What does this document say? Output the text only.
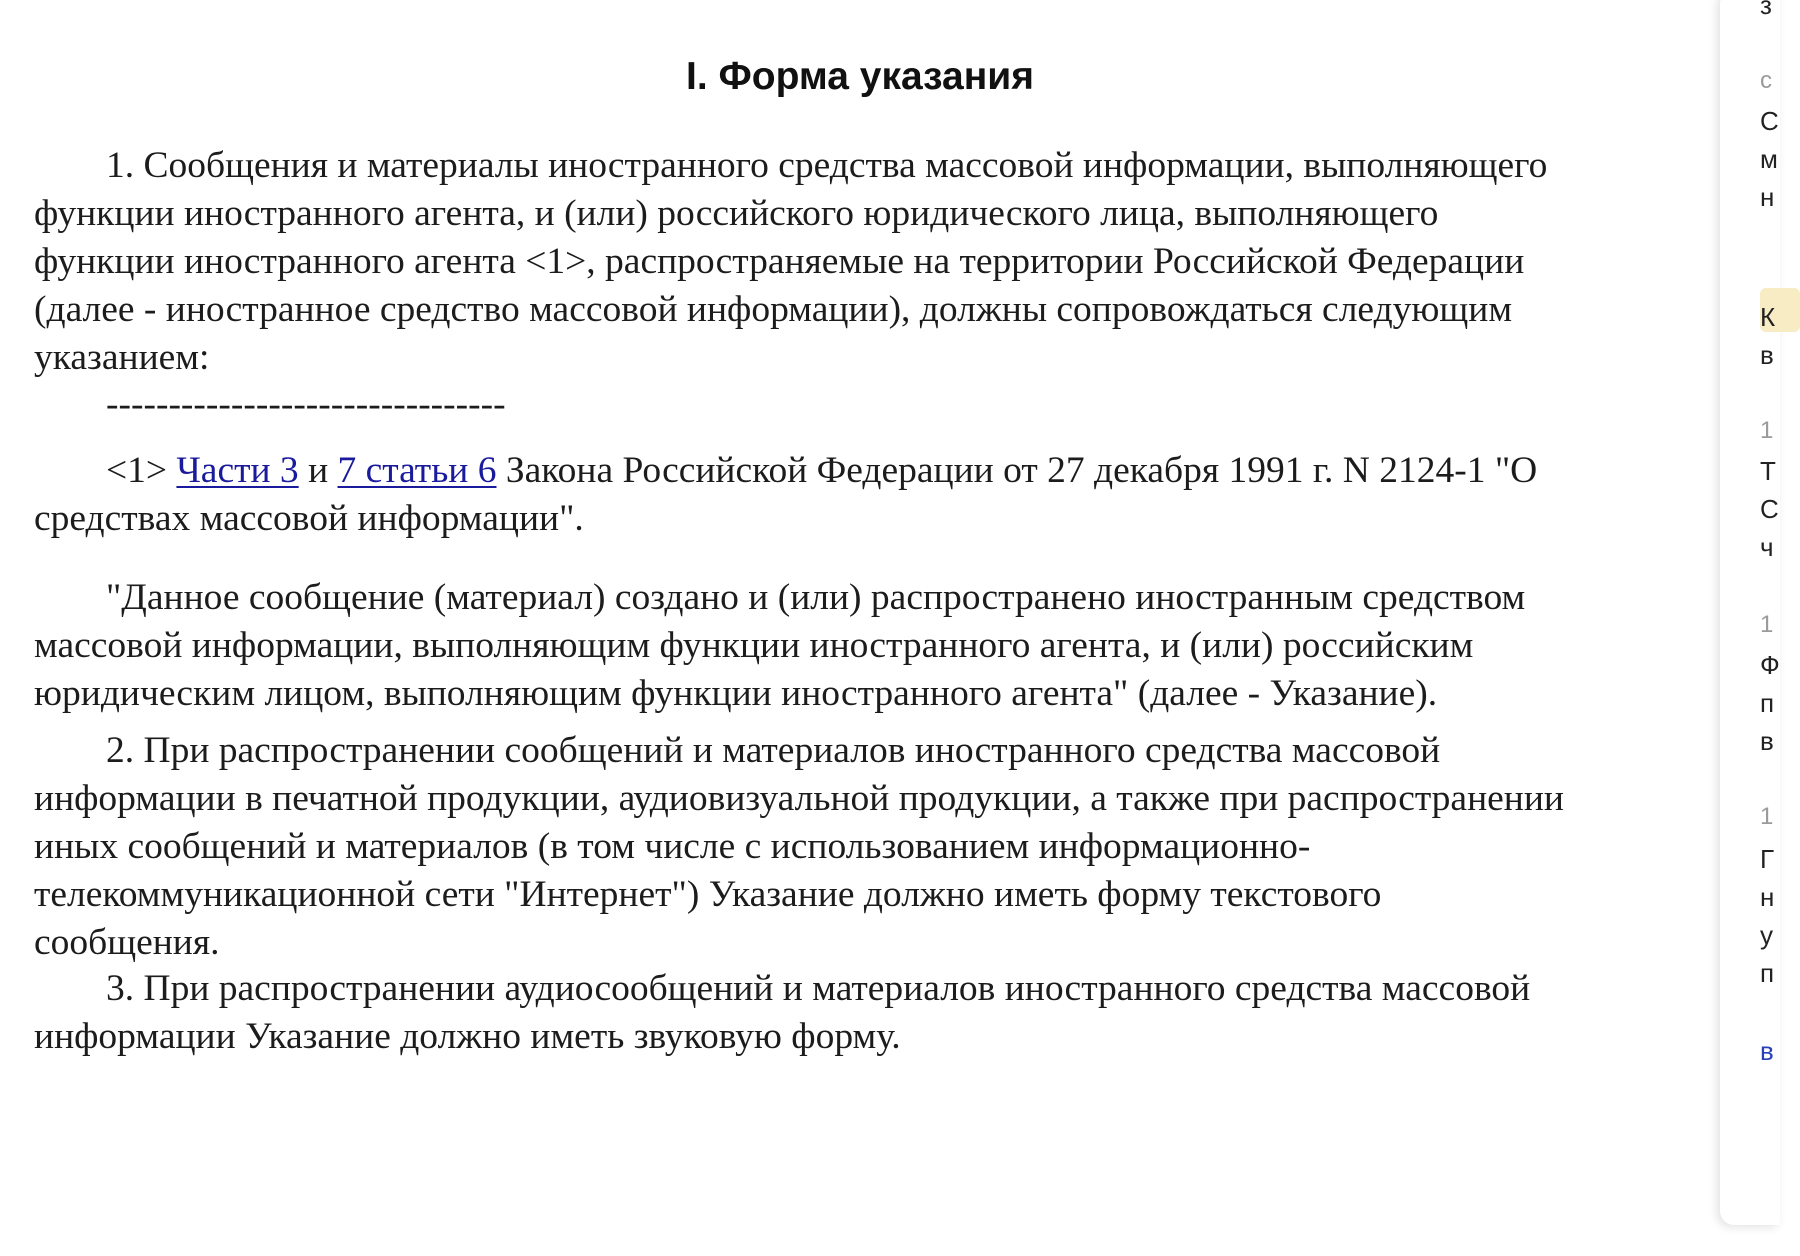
I. Форма указания
1. Сообщения и материалы иностранного средства массовой информации, выполняющего
функции иностранного агента, и (или) российского юридического лица, выполняющего
функции иностранного агента <1>, распространяемые на территории Российской Федерации
(далее - иностранное средство массовой информации), должны сопровождаться следующим
указанием:
--------------------------------
<1> Части 3 и 7 статьи 6 Закона Российской Федерации от 27 декабря 1991 г. N 2124-1 "О
средствах массовой информации".
"Данное сообщение (материал) создано и (или) распространено иностранным средством
массовой информации, выполняющим функции иностранного агента, и (или) российским
юридическим лицом, выполняющим функции иностранного агента" (далее - Указание).
2. При распространении сообщений и материалов иностранного средства массовой
информации в печатной продукции, аудиовизуальной продукции, а также при распространении
иных сообщений и материалов (в том числе с использованием информационно-
телекоммуникационной сети "Интернет") Указание должно иметь форму текстового
сообщения.
3. При распространении аудиосообщений и материалов иностранного средства массовой
информации Указание должно иметь звуковую форму.
з
с
С
м
н
К
в
1
Т
С
ч
1
Ф
п
в
1
Г
н
у
п
в
